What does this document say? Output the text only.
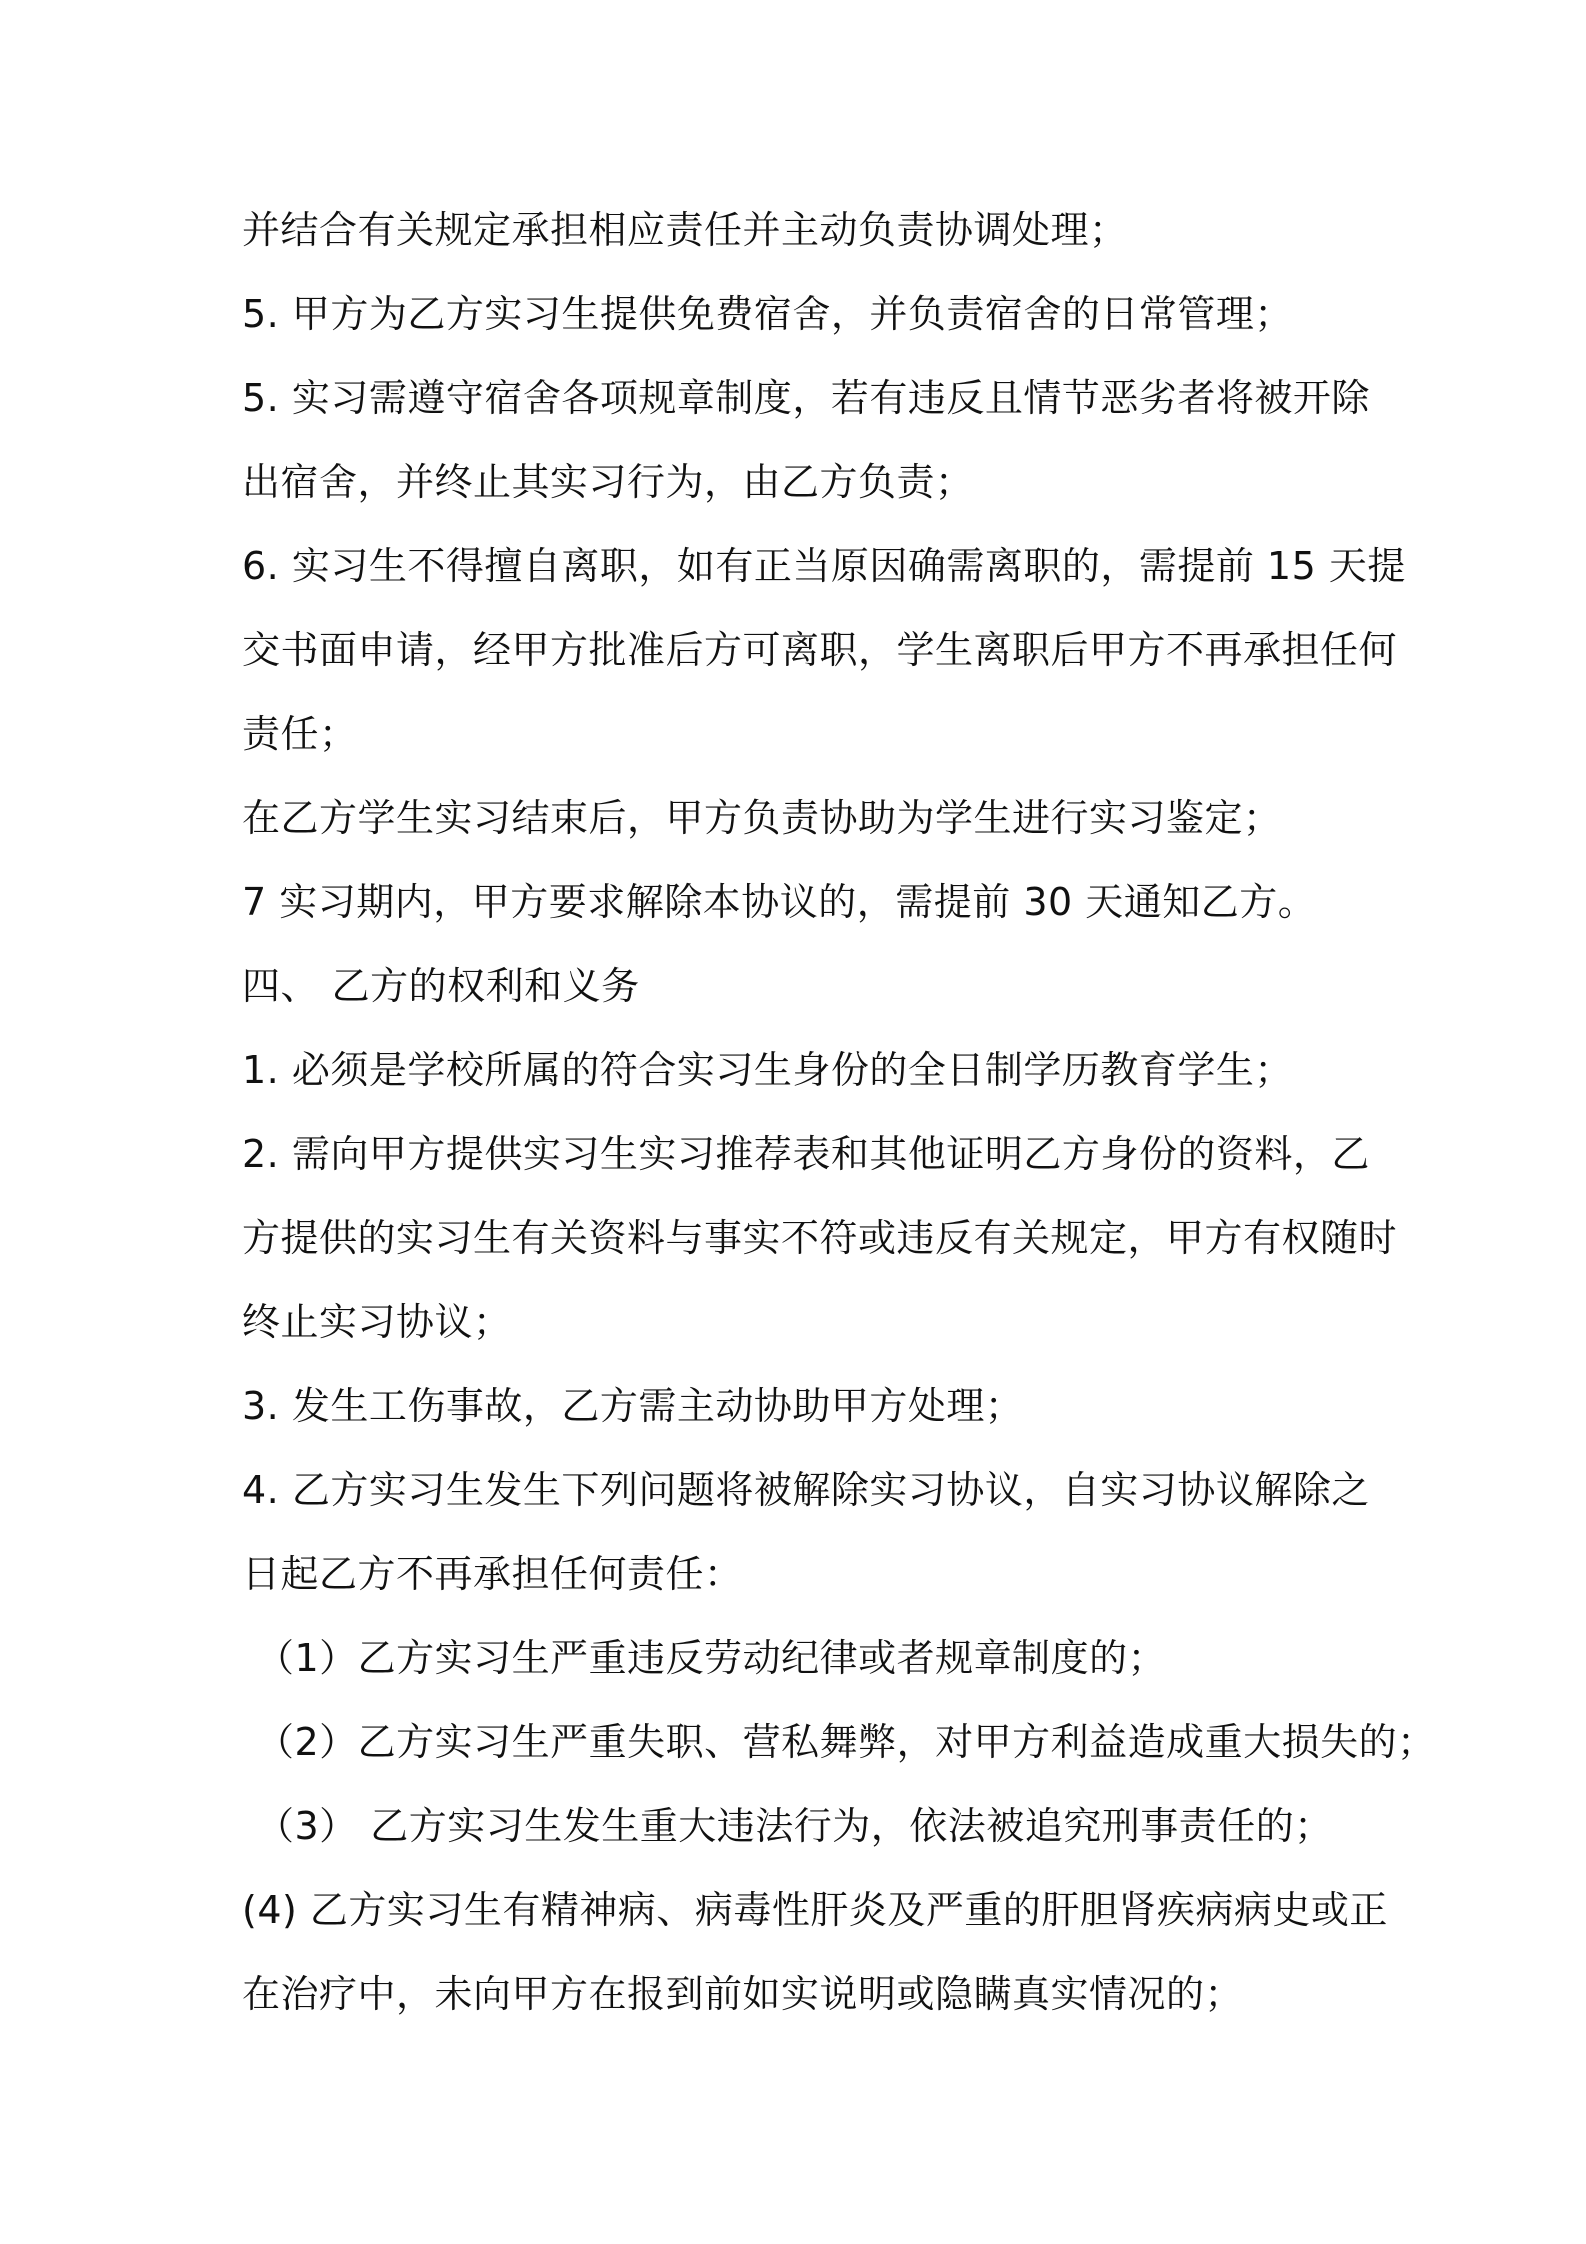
并结合有关规定承担相应责任并主动负责协调处理；
5. 甲方为乙方实习生提供免费宿舍，并负责宿舍的日常管理；
5. 实习需遵守宿舍各项规章制度，若有违反且情节恶劣者将被开除
出宿舍，并终止其实习行为，由乙方负责；
6. 实习生不得擅自离职，如有正当原因确需离职的，需提前 15 天提
交书面申请，经甲方批准后方可离职，学生离职后甲方不再承担任何
责任；
在乙方学生实习结束后，甲方负责协助为学生进行实习鉴定；
7 实习期内，甲方要求解除本协议的，需提前 30 天通知乙方。
四、 乙方的权利和义务
1. 必须是学校所属的符合实习生身份的全日制学历教育学生；
2. 需向甲方提供实习生实习推荐表和其他证明乙方身份的资料，乙
方提供的实习生有关资料与事实不符或违反有关规定，甲方有权随时
终止实习协议；
3. 发生工伤事故，乙方需主动协助甲方处理；
4. 乙方实习生发生下列问题将被解除实习协议，自实习协议解除之
日起乙方不再承担任何责任：
（1）乙方实习生严重违反劳动纪律或者规章制度的；
（2）乙方实习生严重失职、营私舞弊，对甲方利益造成重大损失的；
（3） 乙方实习生发生重大违法行为，依法被追究刑事责任的；
(4) 乙方实习生有精神病、病毒性肝炎及严重的肝胆肾疾病病史或正
在治疗中，未向甲方在报到前如实说明或隐瞒真实情况的；
